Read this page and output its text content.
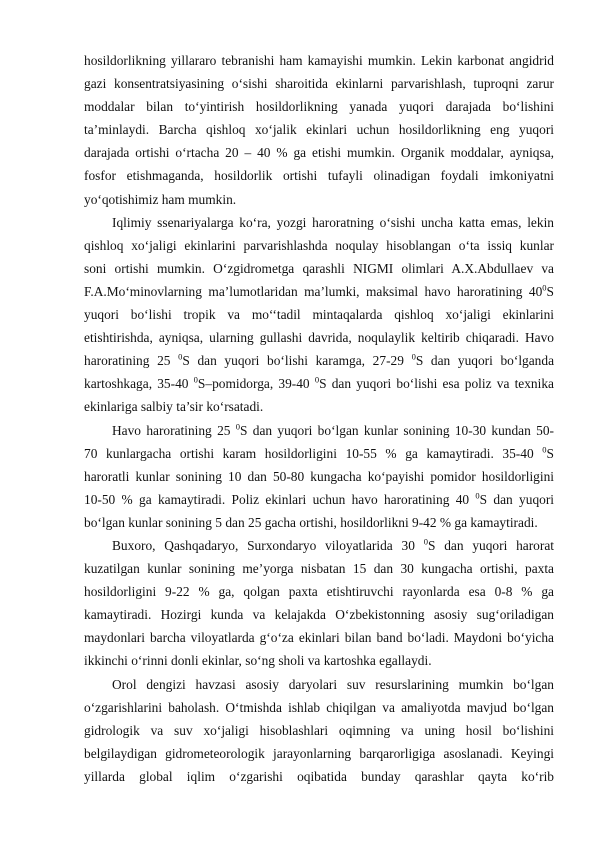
hosildorlikning yillararo tebranishi ham kamayishi mumkin. Lekin karbonat angidrid
gazi konsentratsiyasining o‘sishi sharoitida ekinlarni parvarishlash, tuproqni zarur
moddalar bilan to‘yintirish hosildorlikning yanada yuqori darajada bo‘lishini
ta’minlaydi. Barcha qishloq xo‘jalik ekinlari uchun hosildorlikning eng yuqori
darajada ortishi o‘rtacha 20 – 40 % ga etishi mumkin. Organik moddalar, ayniqsa,
fosfor etishmaganda, hosildorlik ortishi tufayli olinadigan foydali imkoniyatni
yo‘qotishimiz ham mumkin.
Iqlimiy ssenariyalarga ko‘ra, yozgi haroratning o‘sishi uncha katta emas, lekin
qishloq xo‘jaligi ekinlarini parvarishlashda noqulay hisoblangan o‘ta issiq kunlar
soni ortishi mumkin. O‘zgidrometga qarashli NIGMI olimlari A.X.Abdullaev va
F.A.Mo‘minovlarning ma’lumotlaridan ma’lumki, maksimal havo haroratining $40^0S$
yuqori bo‘lishi tropik va mo‘‘tadil mintaqalarda qishloq xo‘jaligi ekinlarini
etishtirishda, ayniqsa, ularning gullashi davrida, noqulaylik keltirib chiqaradi. Havo
haroratining 25 $^0$S dan yuqori bo‘lishi karamga, 27-29 $^0$S dan yuqori bo‘lganda
kartoshkaga, 35-40 $^0$S–pomidorga, 39-40 $^0$S dan yuqori bo‘lishi esa poliz va texnika
ekinlariga salbiy ta’sir ko‘rsatadi.
Havo haroratining 25 $^0$S dan yuqori bo‘lgan kunlar sonining 10-30 kundan 50-
70 kunlargacha ortishi karam hosildorligini 10-55 % ga kamaytiradi. 35-40 $^0$S
haroratli kunlar sonining 10 dan 50-80 kungacha ko‘payishi pomidor hosildorligini
10-50 % ga kamaytiradi. Poliz ekinlari uchun havo haroratining 40 $^0$S dan yuqori
bo‘lgan kunlar sonining 5 dan 25 gacha ortishi, hosildorlikni 9-42 % ga kamaytiradi.
Buxoro, Qashqadaryo, Surxondaryo viloyatlarida 30 $^0$S dan yuqori harorat
kuzatilgan kunlar sonining me’yorga nisbatan 15 dan 30 kungacha ortishi, paxta
hosildorligini 9-22 % ga, qolgan paxta etishtiruvchi rayonlarda esa 0-8 % ga
kamaytiradi. Hozirgi kunda va kelajakda O‘zbekistonning asosiy sug‘oriladigan
maydonlari barcha viloyatlarda g‘o‘za ekinlari bilan band bo‘ladi. Maydoni bo‘yicha
ikkinchi o‘rinni donli ekinlar, so‘ng sholi va kartoshka egallaydi.
Orol dengizi havzasi asosiy daryolari suv resurslarining mumkin bo‘lgan
o‘zgarishlarini baholash. O‘tmishda ishlab chiqilgan va amaliyotda mavjud bo‘lgan
gidrologik va suv xo‘jaligi hisoblashlari oqimning va uning hosil bo‘lishini
belgilaydigan gidrometeorologik jarayonlarning barqarorligiga asoslanadi. Keyingi
yillarda global iqlim o‘zgarishi oqibatida bunday qarashlar qayta ko‘rib
